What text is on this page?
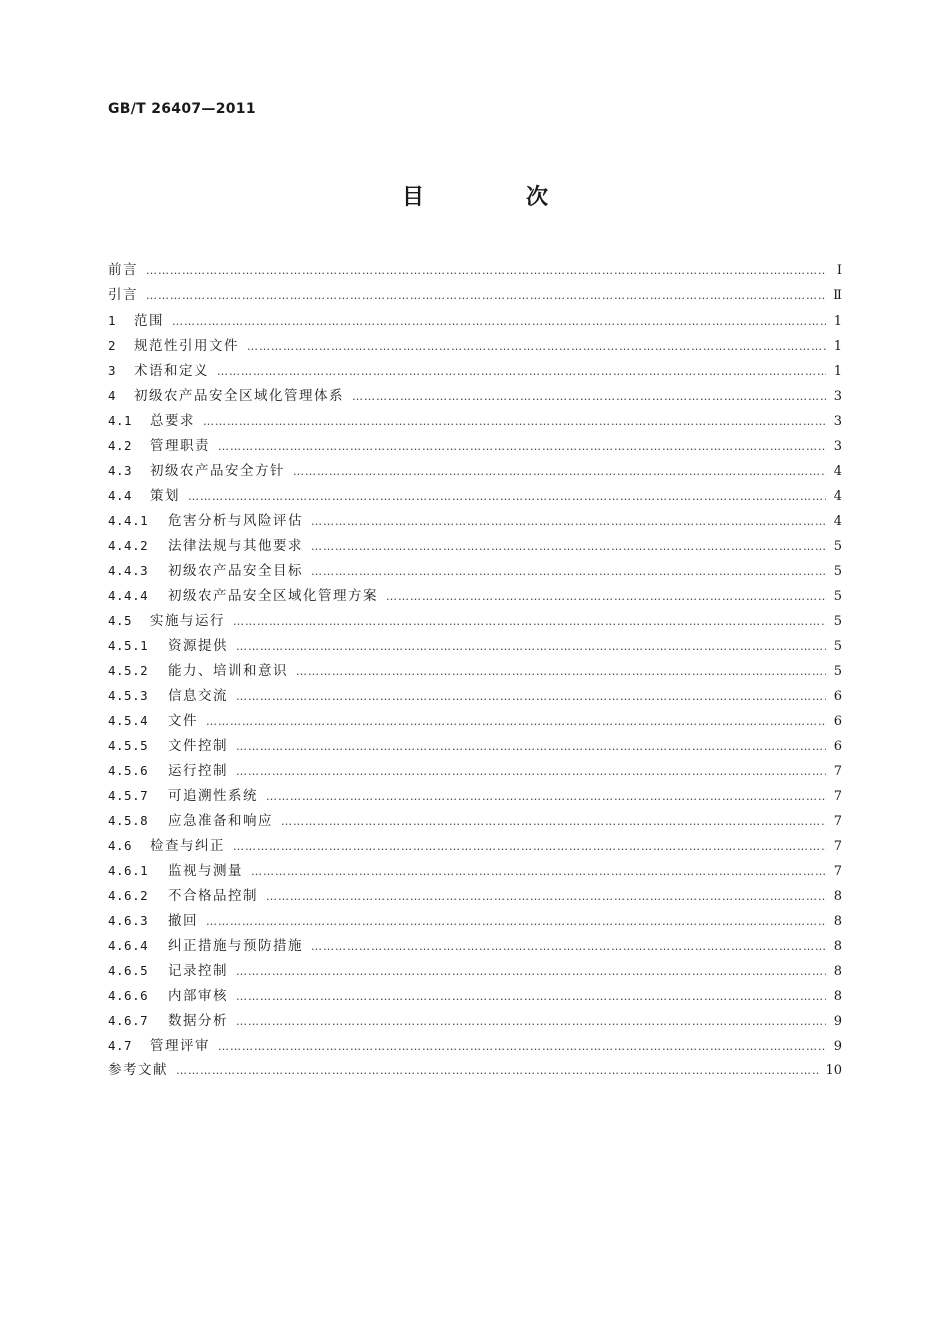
GB/T 26407—2011
目　次
前言 ……………………………………………………………………………………………………………………………………………………………………………………………………………………	Ⅰ
引言 ……………………………………………………………………………………………………………………………………………………………………………………………………………………	Ⅱ
1	范围 ……………………………………………………………………………………………………………………………………………………………………………………………………………………	1
2	规范性引用文件 ……………………………………………………………………………………………………………………………………………………………………………………………………………………	1
3	术语和定义 ……………………………………………………………………………………………………………………………………………………………………………………………………………………	1
4	初级农产品安全区域化管理体系 ……………………………………………………………………………………………………………………………………………………………………………………………………………………	3
4.1	总要求 ……………………………………………………………………………………………………………………………………………………………………………………………………………………	3
4.2	管理职责 ……………………………………………………………………………………………………………………………………………………………………………………………………………………	3
4.3	初级农产品安全方针 ……………………………………………………………………………………………………………………………………………………………………………………………………………………	4
4.4	策划 ……………………………………………………………………………………………………………………………………………………………………………………………………………………	4
4.4.1	危害分析与风险评估 ……………………………………………………………………………………………………………………………………………………………………………………………………………………	4
4.4.2	法律法规与其他要求 ……………………………………………………………………………………………………………………………………………………………………………………………………………………	5
4.4.3	初级农产品安全目标 ……………………………………………………………………………………………………………………………………………………………………………………………………………………	5
4.4.4	初级农产品安全区域化管理方案 ……………………………………………………………………………………………………………………………………………………………………………………………………………………	5
4.5	实施与运行 ……………………………………………………………………………………………………………………………………………………………………………………………………………………	5
4.5.1	资源提供 ……………………………………………………………………………………………………………………………………………………………………………………………………………………	5
4.5.2	能力、培训和意识 ……………………………………………………………………………………………………………………………………………………………………………………………………………………	5
4.5.3	信息交流 ……………………………………………………………………………………………………………………………………………………………………………………………………………………	6
4.5.4	文件 ……………………………………………………………………………………………………………………………………………………………………………………………………………………	6
4.5.5	文件控制 ……………………………………………………………………………………………………………………………………………………………………………………………………………………	6
4.5.6	运行控制 ……………………………………………………………………………………………………………………………………………………………………………………………………………………	7
4.5.7	可追溯性系统 ……………………………………………………………………………………………………………………………………………………………………………………………………………………	7
4.5.8	应急准备和响应 ……………………………………………………………………………………………………………………………………………………………………………………………………………………	7
4.6	检查与纠正 ……………………………………………………………………………………………………………………………………………………………………………………………………………………	7
4.6.1	监视与测量 ……………………………………………………………………………………………………………………………………………………………………………………………………………………	7
4.6.2	不合格品控制 ……………………………………………………………………………………………………………………………………………………………………………………………………………………	8
4.6.3	撤回 ……………………………………………………………………………………………………………………………………………………………………………………………………………………	8
4.6.4	纠正措施与预防措施 ……………………………………………………………………………………………………………………………………………………………………………………………………………………	8
4.6.5	记录控制 ……………………………………………………………………………………………………………………………………………………………………………………………………………………	8
4.6.6	内部审核 ……………………………………………………………………………………………………………………………………………………………………………………………………………………	8
4.6.7	数据分析 ……………………………………………………………………………………………………………………………………………………………………………………………………………………	9
4.7	管理评审 ……………………………………………………………………………………………………………………………………………………………………………………………………………………	9
参考文献 ……………………………………………………………………………………………………………………………………………………………………………………………………………………	10
